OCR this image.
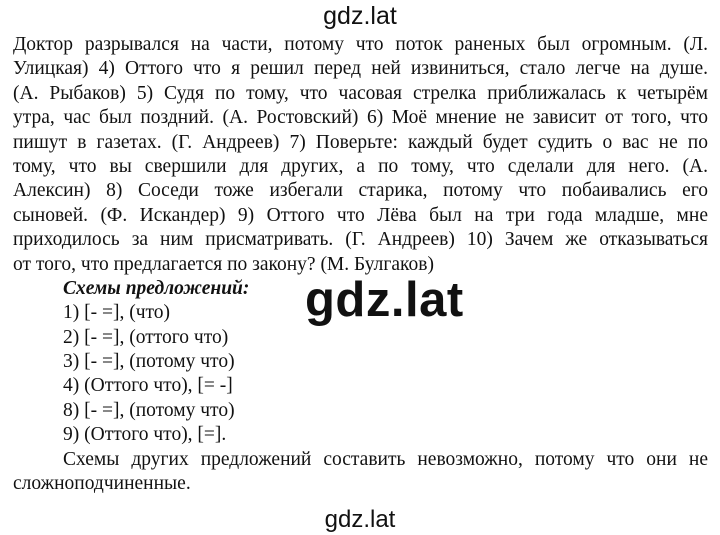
gdz.lat
Доктор разрывался на части, потому что поток раненых был огромным. (Л.
Улицкая) 4) Оттого что я решил перед ней извиниться, стало легче на душе.
(А. Рыбаков) 5) Судя по тому, что часовая стрелка приближалась к четырём
утра, час был поздний. (А. Ростовский) 6) Моё мнение не зависит от того, что
пишут в газетах. (Г. Андреев) 7) Поверьте: каждый будет судить о вас не по
тому, что вы свершили для других, а по тому, что сделали для него. (А.
Алексин) 8) Соседи тоже избегали старика, потому что побаивались его
сыновей. (Ф. Искандер) 9) Оттого что Лёва был на три года младше, мне
приходилось за ним присматривать. (Г. Андреев) 10) Зачем же отказываться
от того, что предлагается по закону? (М. Булгаков)
Схемы предложений:
1) [- =], (что)
2) [- =], (оттого что)
3) [- =], (потому что)
4) (Оттого что), [= -]
8) [- =], (потому что)
9) (Оттого что), [=].
Схемы других предложений составить невозможно, потому что они не
сложноподчиненные.
gdz.lat
gdz.lat
